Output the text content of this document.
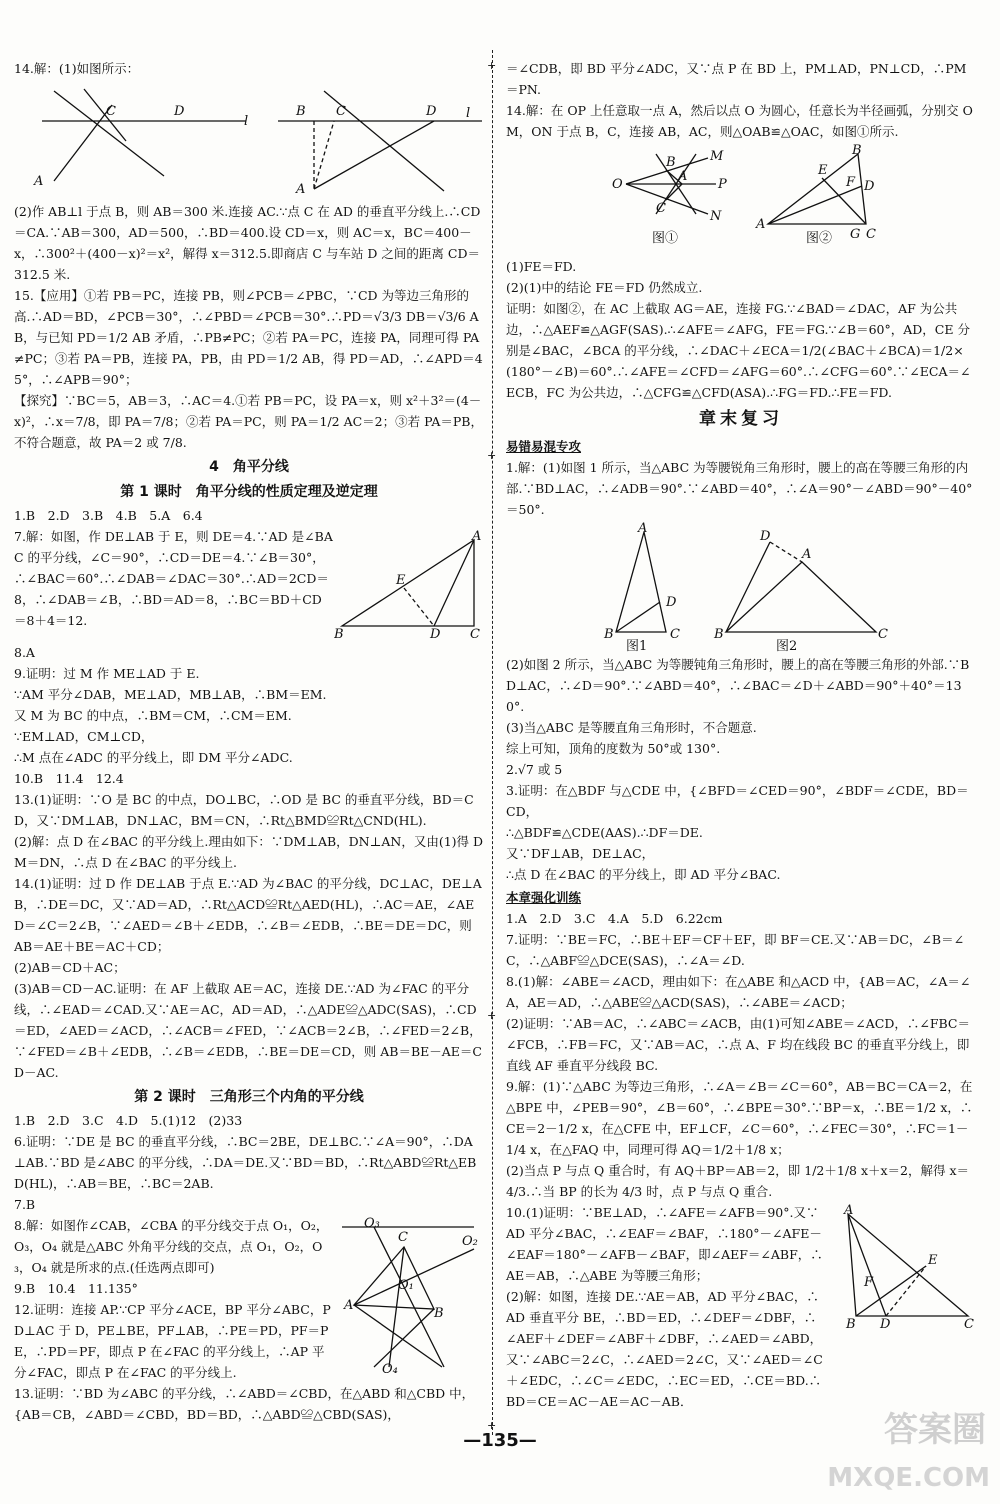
14.解：(1)如图所示：

l
C	D
A
l
B C	D
A

(2)作 AB⊥l 于点 B，则 AB＝300 米.连接 AC.∵点 C 在 AD 的垂直平分线上.∴CD＝CA.∵AB＝300，AD＝500，∴BD＝400.设 CD＝x，则 AC＝x，BC＝400－x，∴300²＋(400－x)²＝x²，解得 x＝312.5.即商店 C 与车站 D 之间的距离 CD＝312.5 米.

15.【应用】①若 PB＝PC，连接 PB，则∠PCB＝∠PBC，∵CD 为等边三角形的高.∴AD＝BD，∠PCB＝30°，∴∠PBD＝∠PCB＝30°.∴PD＝√3/3 DB＝√3/6 AB，与已知 PD＝1/2 AB 矛盾，∴PB≠PC；②若 PA＝PC，连接 PA，同理可得 PA≠PC；③若 PA＝PB，连接 PA，PB，由 PD＝1/2 AB，得 PD＝AD，∴∠APD＝45°，∴∠APB＝90°；

【探究】∵BC＝5，AB＝3，∴AC＝4.①若 PB＝PC，设 PA＝x，则 x²＋3²＝(4－x)²，∴x＝7/8，即 PA＝7/8；②若 PA＝PC，则 PA＝1/2 AC＝2；③若 PA＝PB，不符合题意，故 PA＝2 或 7/8.

4　角平分线
第 1 课时　角平分线的性质定理及逆定理

1.B　2.D　3.B　4.B　5.A　6.4

7.解：如图，作 DE⊥AB 于 E，则 DE＝4.∵AD 是∠BAC 的平分线，∠C＝90°，∴CD＝DE＝4.∵∠B＝30°，∴∠BAC＝60°.∴∠DAB＝∠DAC＝30°.∴AD＝2CD＝8，∴∠DAB＝∠B，∴BD＝AD＝8，∴BC＝BD＋CD＝8＋4＝12.

B	D C
A
E

8.A

9.证明：过 M 作 ME⊥AD 于 E.
∵AM 平分∠DAB，ME⊥AD，MB⊥AB，∴BM＝EM.
又 M 为 BC 的中点，∴BM＝CM，∴CM＝EM.
∵EM⊥AD，CM⊥CD，
∴M 点在∠ADC 的平分线上，即 DM 平分∠ADC.

10.B　11.4　12.4

13.(1)证明：∵O 是 BC 的中点，DO⊥BC，∴OD 是 BC 的垂直平分线，BD＝CD，又∵DM⊥AB，DN⊥AC，BM＝CN，∴Rt△BMD≌Rt△CND(HL).

(2)解：点 D 在∠BAC 的平分线上.理由如下：∵DM⊥AB，DN⊥AN，又由(1)得 DM＝DN，∴点 D 在∠BAC 的平分线上.

14.(1)证明：过 D 作 DE⊥AB 于点 E.∵AD 为∠BAC 的平分线，DC⊥AC，DE⊥AB，∴DE＝DC，又∵AD＝AD，∴Rt△ACD≌Rt△AED(HL)，∴AC＝AE，∠AED＝∠C＝2∠B，∵∠AED＝∠B＋∠EDB，∴∠B＝∠EDB，∴BE＝DE＝DC，则 AB＝AE＋BE＝AC＋CD；

(2)AB＝CD＋AC；

(3)AB＝CD－AC.证明：在 AF 上截取 AE＝AC，连接 DE.∵AD 为∠FAC 的平分线，∴∠EAD＝∠CAD.又∵AE＝AC，AD＝AD，∴△ADE≌△ADC(SAS)，∴CD＝ED，∠AED＝∠ACD，∴∠ACB＝∠FED，∵∠ACB＝2∠B，∴∠FED＝2∠B，∵∠FED＝∠B＋∠EDB，∴∠B＝∠EDB，∴BE＝DE＝CD，则 AB＝BE－AE＝CD－AC.

第 2 课时　三角形三个内角的平分线

1.B　2.D　3.C　4.D　5.(1)12　(2)33

6.证明：∵DE 是 BC 的垂直平分线，∴BC＝2BE，DE⊥BC.∵∠A＝90°，∴DA⊥AB.∵BD 是∠ABC 的平分线，∴DA＝DE.又∵BD＝BD，∴Rt△ABD≌Rt△EBD(HL)，∴AB＝BE，∴BC＝2AB.

7.B

8.解：如图作∠CAB，∠CBA 的平分线交于点 O₁，O₂，O₃，O₄ 就是△ABC 外角平分线的交点，点 O₁，O₂，O₃，O₄ 就是所求的点.(任选两点即可)
9.B　10.4　11.135°
12.证明：连接 AP.∵CP 平分∠ACE，BP 平分∠ABC，PD⊥AC 于 D，PE⊥BE，PF⊥AB，∴PE＝PD，PF＝PE，∴PD＝PF，即点 P 在∠FAC 的平分线上，∴AP 平分∠FAC，即点 P 在∠FAC 的平分线上.

O₃
O₂
C
O₁
A
B
O₄

13.证明：∵BD 为∠ABC 的平分线，∴∠ABD＝∠CBD，在△ABD 和△CBD 中，{AB＝CB，∠ABD＝∠CBD，BD＝BD，∴△ABD≌△CBD(SAS)，

+
+
+
+

＝∠CDB，即 BD 平分∠ADC，又∵点 P 在 BD 上，PM⊥AD，PN⊥CD，∴PM＝PN.

14.解：在 OP 上任意取一点 A，然后以点 O 为圆心，任意长为半径画弧，分别交 OM，ON 于点 B，C，连接 AB，AC，则△OAB≌△OAC，如图①所示.

O
B
A
C
M
P
N
图①
A
G C
B
E
F D
图②

(1)FE＝FD.

(2)(1)中的结论 FE＝FD 仍然成立.

证明：如图②，在 AC 上截取 AG＝AE，连接 FG.∵∠BAD＝∠DAC，AF 为公共边，∴△AEF≌△AGF(SAS).∴∠AFE＝∠AFG，FE＝FG.∵∠B＝60°，AD，CE 分别是∠BAC，∠BCA 的平分线，∴∠DAC＋∠ECA＝1/2(∠BAC＋∠BCA)＝1/2×(180°－∠B)＝60°.∴∠AFE＝∠CFD＝∠AFG＝60°.∴∠CFG＝60°.∵∠ECA＝∠ECB，FC 为公共边，∴△CFG≌△CFD(ASA).∴FG＝FD.∴FE＝FD.

章末复习
易错易混专攻

1.解：(1)如图 1 所示，当△ABC 为等腰锐角三角形时，腰上的高在等腰三角形的内部.∵BD⊥AC，∴∠ADB＝90°.∵∠ABD＝40°，∴∠A＝90°－∠ABD＝90°－40°＝50°.

A
D
B	C
图1
D
A
B	C
图2

(2)如图 2 所示，当△ABC 为等腰钝角三角形时，腰上的高在等腰三角形的外部.∵BD⊥AC，∴∠D＝90°.∵∠ABD＝40°，∴∠BAC＝∠D＋∠ABD＝90°＋40°＝130°.

(3)当△ABC 是等腰直角三角形时，不合题意.

综上可知，顶角的度数为 50°或 130°.

2.√7 或 5

3.证明：在△BDF 与△CDE 中，{∠BFD＝∠CED＝90°，∠BDF＝∠CDE，BD＝CD，
∴△BDF≌△CDE(AAS).∴DF＝DE.
又∵DF⊥AB，DE⊥AC，
∴点 D 在∠BAC 的平分线上，即 AD 平分∠BAC.

本章强化训练

1.A　2.D　3.C　4.A　5.D　6.22cm

7.证明：∵BE＝FC，∴BE＋EF＝CF＋EF，即 BF＝CE.又∵AB＝DC，∠B＝∠C，∴△ABF≌△DCE(SAS)，∴∠A＝∠D.

8.(1)解：∠ABE＝∠ACD，理由如下：在△ABE 和△ACD 中，{AB＝AC，∠A＝∠A，AE＝AD，∴△ABE≌△ACD(SAS)，∴∠ABE＝∠ACD；

(2)证明：∵AB＝AC，∴∠ABC＝∠ACB，由(1)可知∠ABE＝∠ACD，∴∠FBC＝∠FCB，∴FB＝FC，又∵AB＝AC，∴点 A、F 均在线段 BC 的垂直平分线上，即直线 AF 垂直平分线段 BC.

9.解：(1)∵△ABC 为等边三角形，∴∠A＝∠B＝∠C＝60°，AB＝BC＝CA＝2，在△BPE 中，∠PEB＝90°，∠B＝60°，∴∠BPE＝30°.∵BP＝x，∴BE＝1/2 x，∴CE＝2－1/2 x，在△CFE 中，EF⊥CF，∠C＝60°，∴∠FEC＝30°，∴FC＝1－1/4 x，在△FAQ 中，同理可得 AQ＝1/2＋1/8 x；

(2)当点 P 与点 Q 重合时，有 AQ＋BP＝AB＝2，即 1/2＋1/8 x＋x＝2，解得 x＝4/3.∴当 BP 的长为 4/3 时，点 P 与点 Q 重合.

10.(1)证明：∵BE⊥AD，∴∠AFE＝∠AFB＝90°.又∵AD 平分∠BAC，∴∠EAF＝∠BAF，∴180°－∠AFE－∠EAF＝180°－∠AFB－∠BAF，即∠AEF＝∠ABF，∴AE＝AB，∴△ABE 为等腰三角形；
(2)解：如图，连接 DE.∵AE＝AB，AD 平分∠BAC，∴AD 垂直平分 BE，∴BD＝ED，∴∠DEF＝∠DBF，∴∠AEF＋∠DEF＝∠ABF＋∠DBF，∴∠AED＝∠ABD，又∵∠ABC＝2∠C，∴∠AED＝2∠C，又∵∠AED＝∠C＋∠EDC，∴∠C＝∠EDC，∴EC＝ED，∴CE＝BD.∴BD＝CE＝AC－AE＝AC－AB．

A
E
F
B D	C
—135—	答案圈
MXQE.COM
